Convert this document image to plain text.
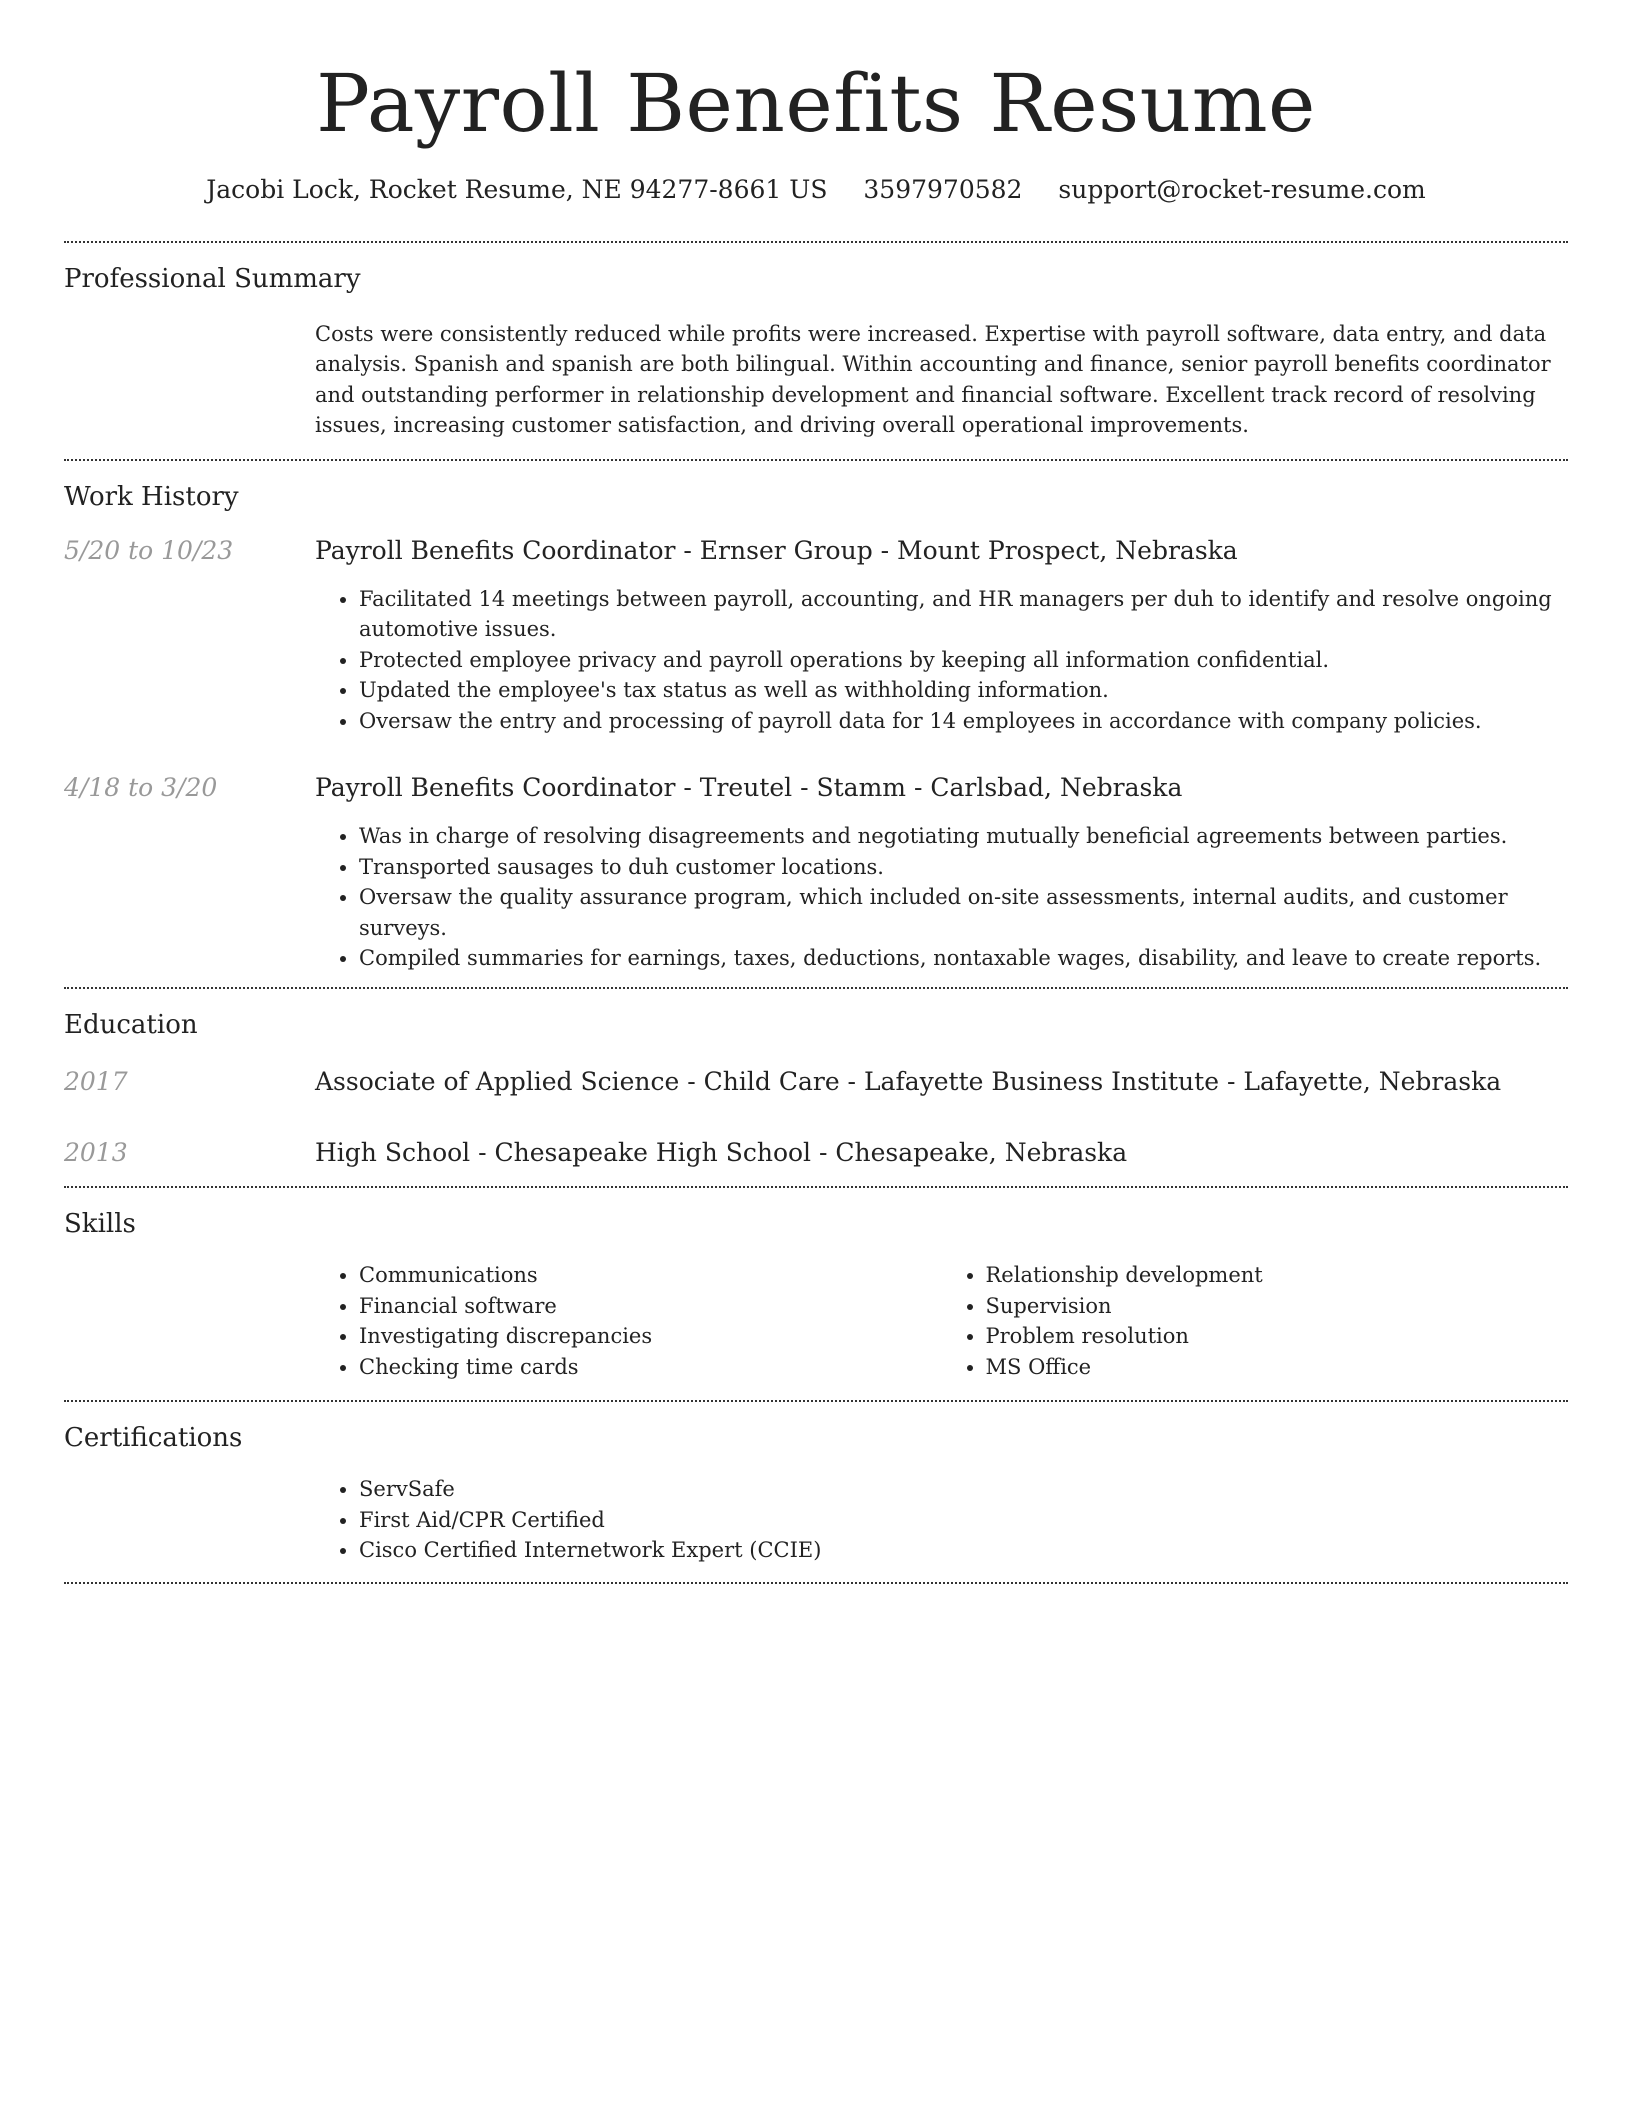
Payroll Benefits Resume
Jacobi Lock, Rocket Resume, NE 94277-8661 US 3597970582 support@rocket-resume.com
Professional Summary

Costs were consistently reduced while profits were increased. Expertise with payroll software, data entry, and data analysis. Spanish and spanish are both bilingual. Within accounting and finance, senior payroll benefits coordinator and outstanding performer in relationship development and financial software. Excellent track record of resolving issues, increasing customer satisfaction, and driving overall operational improvements.

Work History
5/20 to 10/23	Payroll Benefits Coordinator - Ernser Group - Mount Prospect, Nebraska
• Facilitated 14 meetings between payroll, accounting, and HR managers per duh to identify and resolve ongoing automotive issues.
• Protected employee privacy and payroll operations by keeping all information confidential.
• Updated the employee's tax status as well as withholding information.
• Oversaw the entry and processing of payroll data for 14 employees in accordance with company policies.
4/18 to 3/20	Payroll Benefits Coordinator - Treutel - Stamm - Carlsbad, Nebraska
• Was in charge of resolving disagreements and negotiating mutually beneficial agreements between parties.
• Transported sausages to duh customer locations.
• Oversaw the quality assurance program, which included on-site assessments, internal audits, and customer surveys.
• Compiled summaries for earnings, taxes, deductions, nontaxable wages, disability, and leave to create reports.
Education
2017	Associate of Applied Science - Child Care - Lafayette Business Institute - Lafayette, Nebraska
2013	High School - Chesapeake High School - Chesapeake, Nebraska
Skills
• Communications
• Financial software
• Investigating discrepancies
• Checking time cards
• Relationship development
• Supervision
• Problem resolution
• MS Office
Certifications
• ServSafe
• First Aid/CPR Certified
• Cisco Certified Internetwork Expert (CCIE)
